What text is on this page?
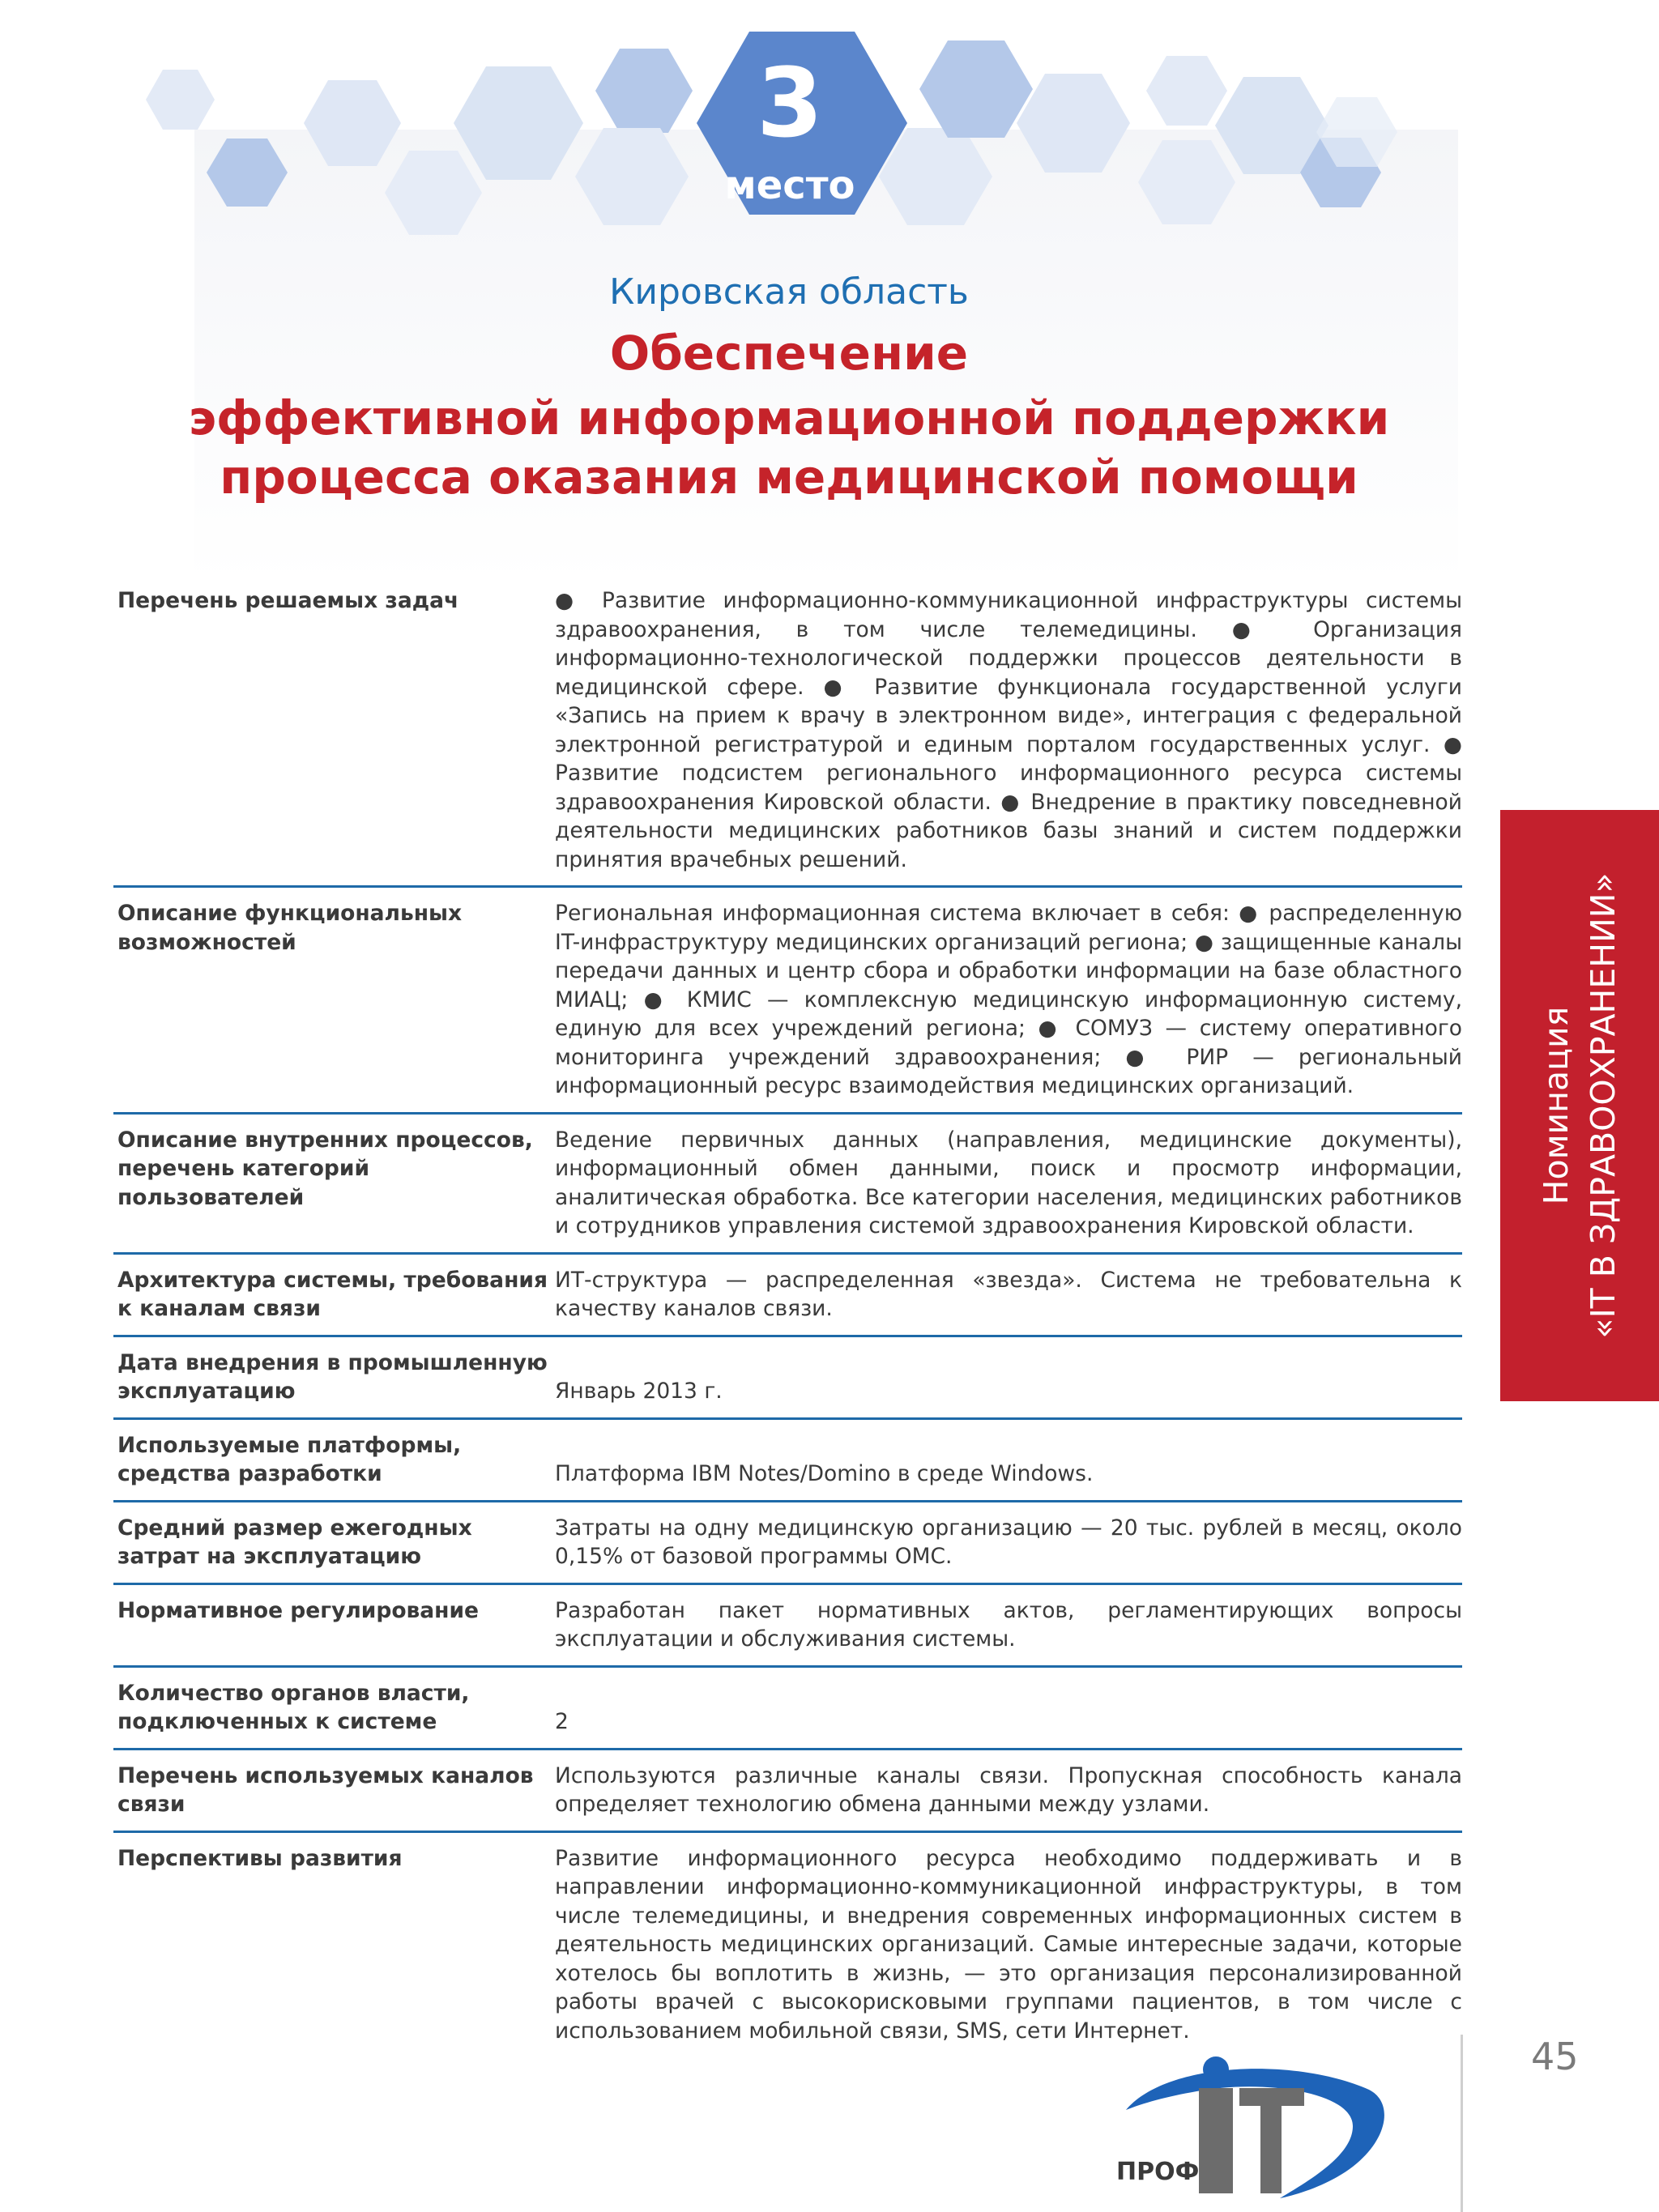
3
место
Кировская область
Обеспечение
эффективной информационной поддержки
процесса оказания медицинской помощи
Номинация «IT В ЗДРАВООХРАНЕНИИ»
Перечень решаемых задач	● Развитие информационно-коммуникационной инфраструктуры системы здравоохранения, в том числе телемедицины. ● Организация информационно-технологической поддержки процессов деятельности в медицинской сфере. ● Развитие функционала государственной услуги «Запись на прием к врачу в электронном виде», интеграция с федеральной электронной регистратурой и единым порталом государственных услуг. ● Развитие подсистем регионального информационного ресурса системы здравоохранения Кировской области. ● Внедрение в практику повседневной деятельности медицинских работников базы знаний и систем поддержки принятия врачебных решений.
Описание функциональных возможностей	Региональная информационная система включает в себя: ● распределенную IT-инфраструктуру медицинских организаций региона; ● защищенные каналы передачи данных и центр сбора и обработки информации на базе областного МИАЦ; ● КМИС — комплексную медицинскую информационную систему, единую для всех учреждений региона; ● СОМУЗ — систему оперативного мониторинга учреждений здравоохранения; ● РИР — региональный информационный ресурс взаимодействия медицинских организаций.
Описание внутренних процессов, перечень категорий пользователей	Ведение первичных данных (направления, медицинские документы), информационный обмен данными, поиск и просмотр информации, аналитическая обработка. Все категории населения, медицинских работников и сотрудников управления системой здравоохранения Кировской области.
Архитектура системы, требования к каналам связи	ИТ-структура — распределенная «звезда». Система не требовательна к качеству каналов связи.
Дата внедрения в промышленную эксплуатацию	Январь 2013 г.
Используемые платформы, средства разработки	Платформа IBM Notes/Domino в среде Windows.
Средний размер ежегодных затрат на эксплуатацию	Затраты на одну медицинскую организацию — 20 тыс. рублей в месяц, около 0,15% от базовой программы ОМС.
Нормативное регулирование	Разработан пакет нормативных актов, регламентирующих вопросы эксплуатации и обслуживания системы.
Количество органов власти, подключенных к системе	2
Перечень используемых каналов связи	Используются различные каналы связи. Пропускная способность канала определяет технологию обмена данными между узлами.
Перспективы развития	Развитие информационного ресурса необходимо поддерживать и в направлении информационно-коммуникационной инфраструктуры, в том числе телемедицины, и внедрения современных информационных систем в деятельность медицинских организаций. Самые интересные задачи, которые хотелось бы воплотить в жизнь, — это организация персонализированной работы врачей с высокорисковыми группами пациентов, в том числе с использованием мобильной связи, SMS, сети Интернет.
ПРОФ
45
